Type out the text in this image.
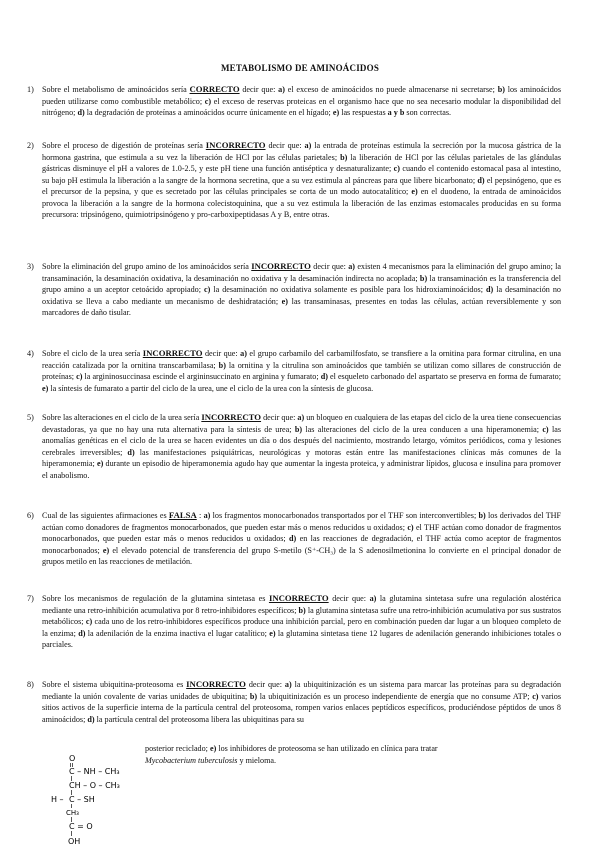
METABOLISMO DE AMINOÁCIDOS
1) Sobre el metabolismo de aminoácidos sería CORRECTO decir que: a) el exceso de aminoácidos no puede almacenarse ni secretarse; b) los aminoácidos pueden utilizarse como combustible metabólico; c) el exceso de reservas proteicas en el organismo hace que no sea necesario modular la disponibilidad del nitrógeno; d) la degradación de proteínas a aminoácidos ocurre únicamente en el hígado; e) las respuestas a y b son correctas.
2) Sobre el proceso de digestión de proteínas sería INCORRECTO decir que: a) la entrada de proteínas estimula la secreción por la mucosa gástrica de la hormona gastrina, que estimula a su vez la liberación de HCl por las células parietales; b) la liberación de HCl por las células parietales de las glándulas gástricas disminuye el pH a valores de 1.0-2.5, y este pH tiene una función antiséptica y desnaturalizante; c) cuando el contenido estomacal pasa al intestino, su bajo pH estimula la liberación a la sangre de la hormona secretina, que a su vez estimula al páncreas para que libere bicarbonato; d) el pepsinógeno, que es el precursor de la pepsina, y que es secretado por las células principales se corta de un modo autocatalítico; e) en el duodeno, la entrada de aminoácidos provoca la liberación a la sangre de la hormona colecistoquinina, que a su vez estimula la liberación de las enzimas estomacales producidas en su forma precursora: tripsinógeno, quimiotripsinógeno y pro-carboxipeptidasas A y B, entre otras.
3) Sobre la eliminación del grupo amino de los aminoácidos sería INCORRECTO decir que: a) existen 4 mecanismos para la eliminación del grupo amino; la transaminación, la desaminación oxidativa, la desaminación no oxidativa y la desaminación indirecta no acoplada; b) la transaminación es la transferencia del grupo amino a un aceptor cetoácido apropiado; c) la desaminación no oxidativa solamente es posible para los hidroxiaminoácidos; d) la desaminación no oxidativa se lleva a cabo mediante un mecanismo de deshidratación; e) las transaminasas, presentes en todas las células, actúan reversiblemente y son marcadores de daño tisular.
4) Sobre el ciclo de la urea sería INCORRECTO decir que: a) el grupo carbamilo del carbamilfosfato, se transfiere a la ornitina para formar citrulina, en una reacción catalizada por la ornitina transcarbamilasa; b) la ornitina y la citrulina son aminoácidos que también se utilizan como sillares de construcción de proteínas; c) la argininosuccinasa escinde el argininsuccinato en arginina y fumarato; d) el esqueleto carbonado del aspartato se preserva en forma de fumarato; e) la síntesis de fumarato a partir del ciclo de la urea, une el ciclo de la urea con la síntesis de glucosa.
5) Sobre las alteraciones en el ciclo de la urea sería INCORRECTO decir que: a) un bloqueo en cualquiera de las etapas del ciclo de la urea tiene consecuencias devastadoras, ya que no hay una ruta alternativa para la síntesis de urea; b) las alteraciones del ciclo de la urea conducen a una hiperamonemia; c) las anomalías genéticas en el ciclo de la urea se hacen evidentes un día o dos después del nacimiento, mostrando letargo, vómitos periódicos, coma y lesiones cerebrales irreversibles; d) las manifestaciones psiquiátricas, neurológicas y motoras están entre las manifestaciones clínicas más comunes de la hiperamonemia; e) durante un episodio de hiperamonemia agudo hay que aumentar la ingesta proteica, y administrar lípidos, glucosa e insulina para promover el anabolismo.
6) Cual de las siguientes afirmaciones es FALSA : a) los fragmentos monocarbonados transportados por el THF son interconvertibles; b) los derivados del THF actúan como donadores de fragmentos monocarbonados, que pueden estar más o menos reducidos u oxidados; c) el THF actúan como donador de fragmentos monocarbonados, que pueden estar más o menos reducidos u oxidados; d) en las reacciones de degradación, el THF actúa como aceptor de fragmentos monocarbonados; e) el elevado potencial de transferencia del grupo S-metilo (S⁺-CH₃) de la S adenosilmetionina lo convierte en el principal donador de grupos metilo en las reacciones de metilación.
7) Sobre los mecanismos de regulación de la glutamina sintetasa es INCORRECTO decir que: a) la glutamina sintetasa sufre una regulación alostérica mediante una retro-inhibición acumulativa por 8 retro-inhibidores específicos; b) la glutamina sintetasa sufre una retro-inhibición acumulativa por sus sustratos metabólicos; c) cada uno de los retro-inhibidores específicos produce una inhibición parcial, pero en combinación pueden dar lugar a un bloqueo completo de la enzima; d) la adenilación de la enzima inactiva el lugar catalítico; e) la glutamina sintetasa tiene 12 lugares de adenilación generando inhibiciones totales o parciales.
8) Sobre el sistema ubiquitina-proteosoma es INCORRECTO decir que: a) la ubiquitinización es un sistema para marcar las proteínas para su degradación mediante la unión covalente de varias unidades de ubiquitina; b) la ubiquitinización es un proceso independiente de energía que no consume ATP; c) varios sitios activos de la superficie interna de la partícula central del proteosoma, rompen varios enlaces peptídicos específicos, produciéndose péptidos de unos 8 aminoácidos; d) la partícula central del proteosoma libera las ubiquitinas para su
posterior reciclado; e) los inhibidores de proteosoma se han utilizado en clínica para tratar
Mycobacterium tuberculosis y mieloma.
O
C – NH – CH₃
CH – O – CH₃
H – C – SH
CH₃
C = O
OH
